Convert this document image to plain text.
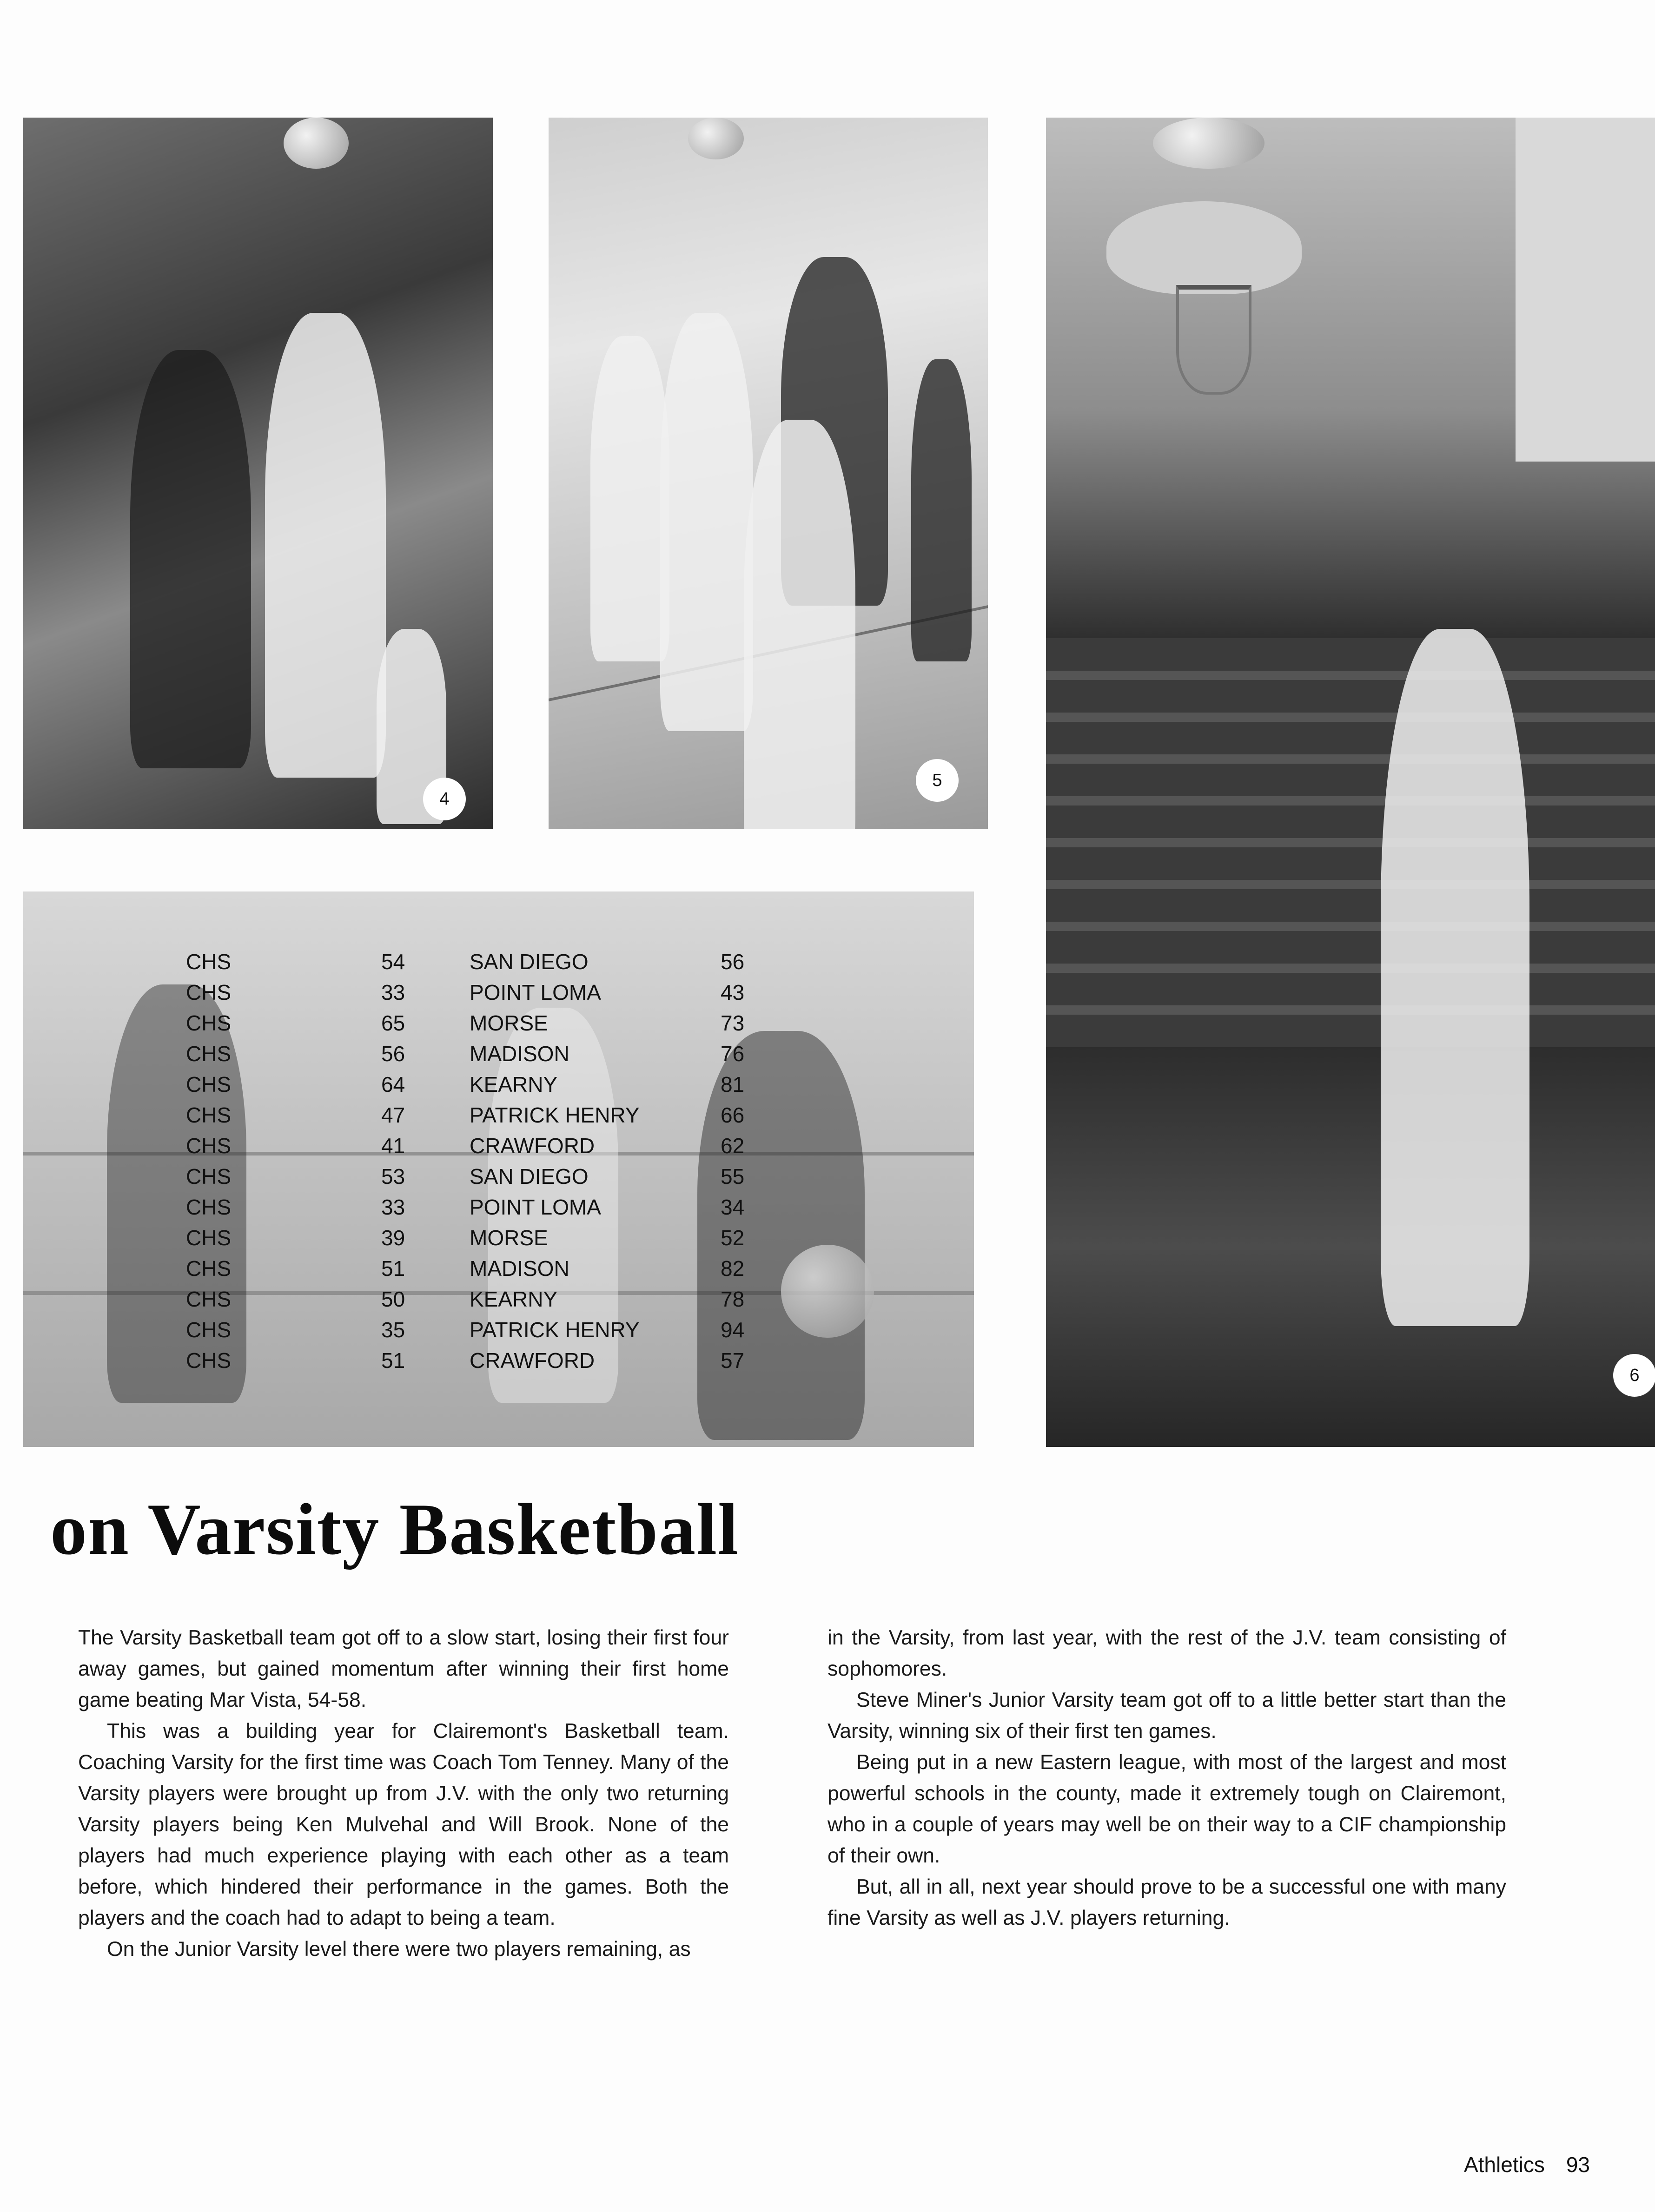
4
5
6
CHS	54	SAN DIEGO	56
CHS	33	POINT LOMA	43
CHS	65	MORSE	73
CHS	56	MADISON	76
CHS	64	KEARNY	81
CHS	47	PATRICK HENRY	66
CHS	41	CRAWFORD	62
CHS	53	SAN DIEGO	55
CHS	33	POINT LOMA	34
CHS	39	MORSE	52
CHS	51	MADISON	82
CHS	50	KEARNY	78
CHS	35	PATRICK HENRY	94
CHS	51	CRAWFORD	57
on Varsity Basketball

The Varsity Basketball team got off to a slow start, losing their first four away games, but gained momentum after winning their first home game beating Mar Vista, 54-58.

This was a building year for Clairemont's Basketball team. Coaching Varsity for the first time was Coach Tom Tenney. Many of the Varsity players were brought up from J.V. with the only two returning Varsity players being Ken Mulvehal and Will Brook. None of the players had much experience playing with each other as a team before, which hindered their performance in the games. Both the players and the coach had to adapt to being a team.

On the Junior Varsity level there were two players remaining, as

in the Varsity, from last year, with the rest of the J.V. team consisting of sophomores.

Steve Miner's Junior Varsity team got off to a little better start than the Varsity, winning six of their first ten games.

Being put in a new Eastern league, with most of the largest and most powerful schools in the county, made it extremely tough on Clairemont, who in a couple of years may well be on their way to a CIF championship of their own.

But, all in all, next year should prove to be a successful one with many fine Varsity as well as J.V. players returning.

Athletics 93
